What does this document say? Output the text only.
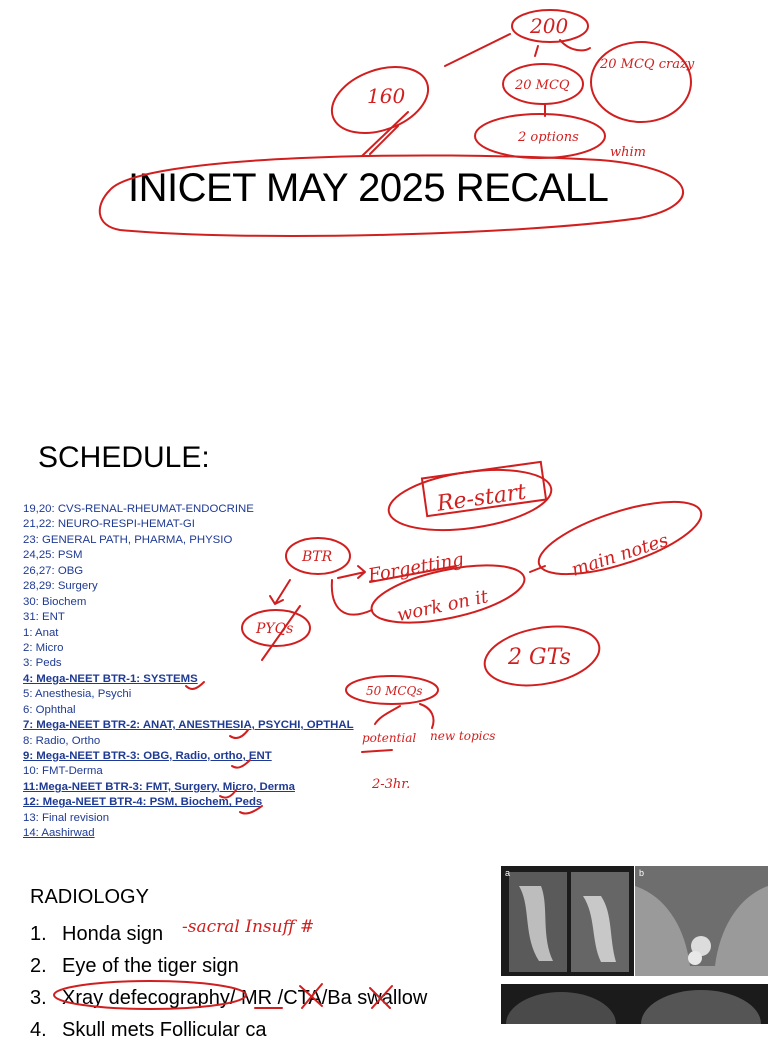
INICET MAY 2025 RECALL
SCHEDULE:
19,20: CVS-RENAL-RHEUMAT-ENDOCRINE
21,22: NEURO-RESPI-HEMAT-GI
23: GENERAL PATH, PHARMA, PHYSIO
24,25: PSM
26,27: OBG
28,29: Surgery
30: Biochem
31: ENT
1: Anat
2: Micro
3: Peds
4: Mega-NEET BTR-1: SYSTEMS
5: Anesthesia, Psychi
6: Ophthal
7: Mega-NEET BTR-2: ANAT, ANESTHESIA, PSYCHI, OPTHAL
8: Radio, Ortho
9: Mega-NEET BTR-3: OBG, Radio, ortho, ENT
10: FMT-Derma
11:Mega-NEET BTR-3: FMT, Surgery, Micro, Derma
12: Mega-NEET BTR-4: PSM, Biochem, Peds
13: Final revision
14: Aashirwad
RADIOLOGY
1. Honda sign
2. Eye of the tiger sign
3. Xray defecography/ MR /CTA/Ba swallow
4. Skull mets Follicular ca
a	b
200
160	20 MCQ
20 MCQ crazy
2 options
whim
Re-start
BTR Forgetting
work on it
main notes
PYQs
2 GTs
50 MCQs
potential new topics
2-3hr.
-sacral Insuff #
